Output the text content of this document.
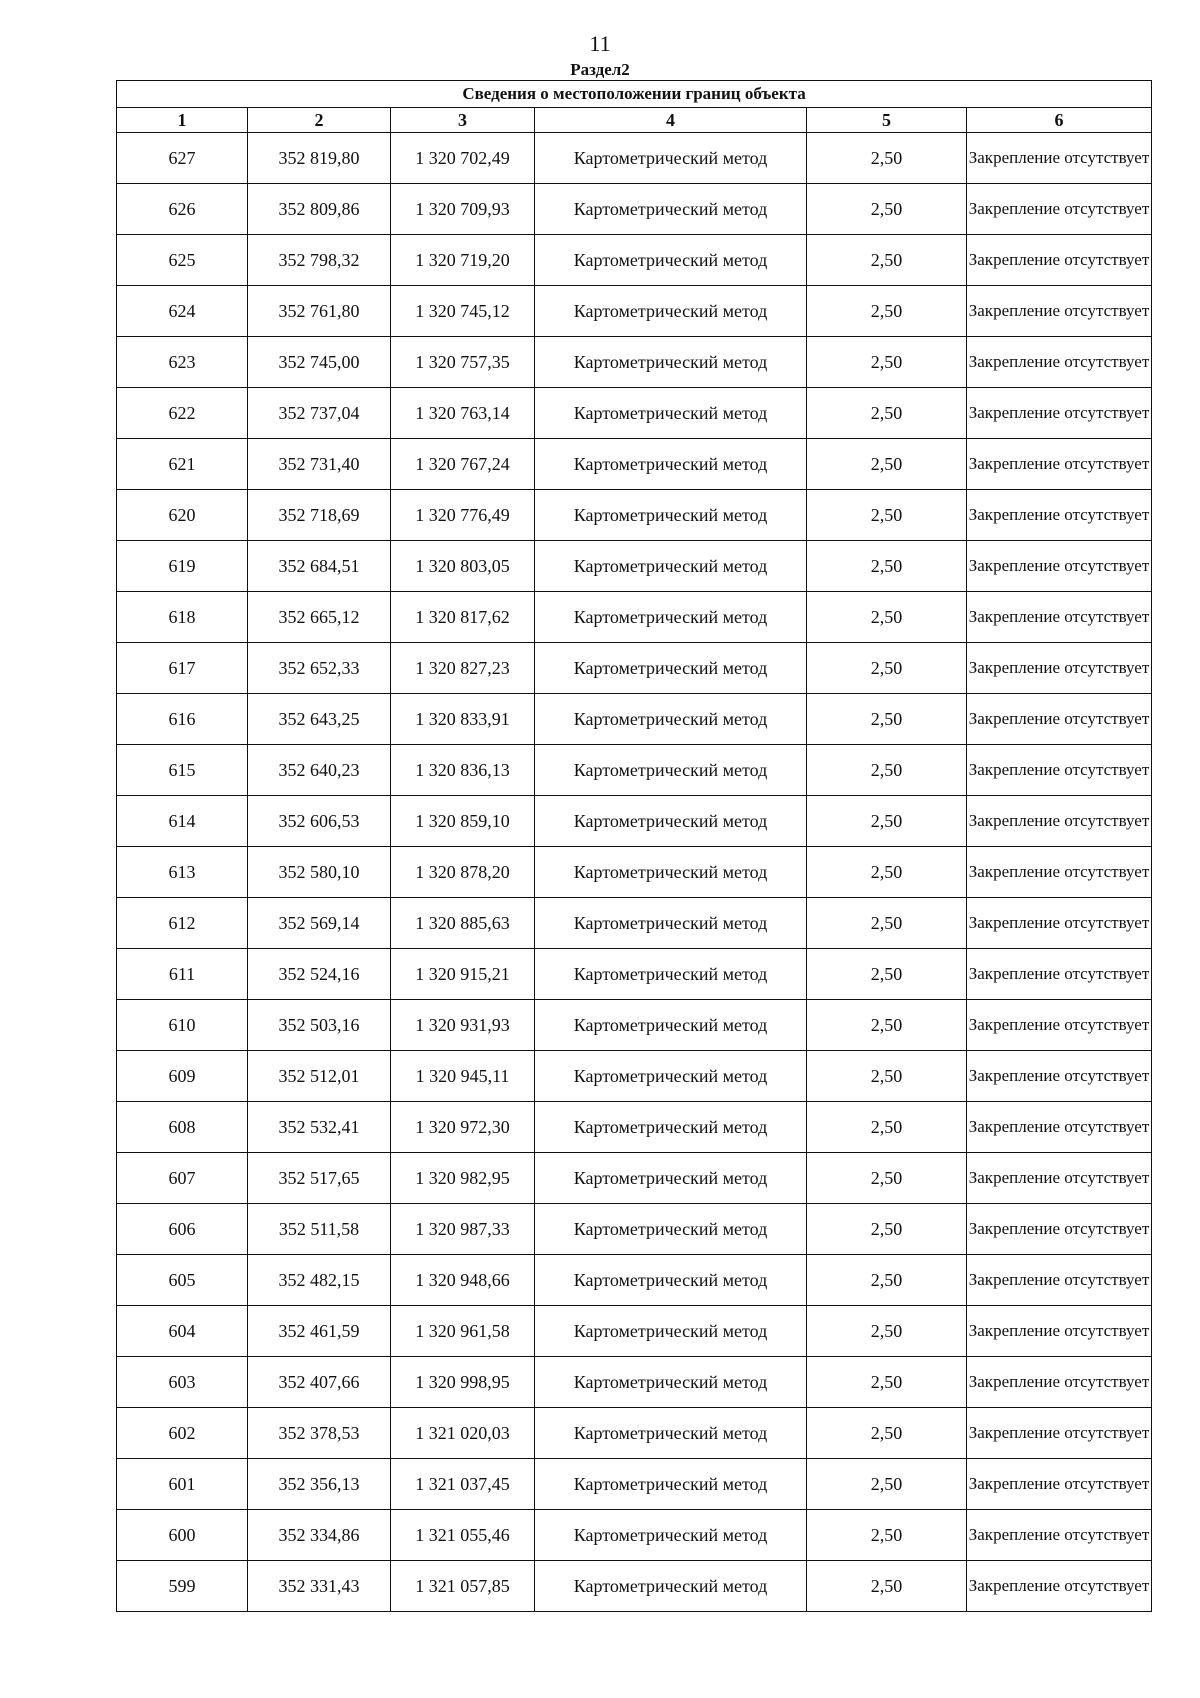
11
Раздел2
Сведения о местоположении границ объекта					
1	2	3	4	5	6
627	352 819,80	1 320 702,49	Картометрический метод	2,50	Закрепление отсутствует
626	352 809,86	1 320 709,93	Картометрический метод	2,50	Закрепление отсутствует
625	352 798,32	1 320 719,20	Картометрический метод	2,50	Закрепление отсутствует
624	352 761,80	1 320 745,12	Картометрический метод	2,50	Закрепление отсутствует
623	352 745,00	1 320 757,35	Картометрический метод	2,50	Закрепление отсутствует
622	352 737,04	1 320 763,14	Картометрический метод	2,50	Закрепление отсутствует
621	352 731,40	1 320 767,24	Картометрический метод	2,50	Закрепление отсутствует
620	352 718,69	1 320 776,49	Картометрический метод	2,50	Закрепление отсутствует
619	352 684,51	1 320 803,05	Картометрический метод	2,50	Закрепление отсутствует
618	352 665,12	1 320 817,62	Картометрический метод	2,50	Закрепление отсутствует
617	352 652,33	1 320 827,23	Картометрический метод	2,50	Закрепление отсутствует
616	352 643,25	1 320 833,91	Картометрический метод	2,50	Закрепление отсутствует
615	352 640,23	1 320 836,13	Картометрический метод	2,50	Закрепление отсутствует
614	352 606,53	1 320 859,10	Картометрический метод	2,50	Закрепление отсутствует
613	352 580,10	1 320 878,20	Картометрический метод	2,50	Закрепление отсутствует
612	352 569,14	1 320 885,63	Картометрический метод	2,50	Закрепление отсутствует
611	352 524,16	1 320 915,21	Картометрический метод	2,50	Закрепление отсутствует
610	352 503,16	1 320 931,93	Картометрический метод	2,50	Закрепление отсутствует
609	352 512,01	1 320 945,11	Картометрический метод	2,50	Закрепление отсутствует
608	352 532,41	1 320 972,30	Картометрический метод	2,50	Закрепление отсутствует
607	352 517,65	1 320 982,95	Картометрический метод	2,50	Закрепление отсутствует
606	352 511,58	1 320 987,33	Картометрический метод	2,50	Закрепление отсутствует
605	352 482,15	1 320 948,66	Картометрический метод	2,50	Закрепление отсутствует
604	352 461,59	1 320 961,58	Картометрический метод	2,50	Закрепление отсутствует
603	352 407,66	1 320 998,95	Картометрический метод	2,50	Закрепление отсутствует
602	352 378,53	1 321 020,03	Картометрический метод	2,50	Закрепление отсутствует
601	352 356,13	1 321 037,45	Картометрический метод	2,50	Закрепление отсутствует
600	352 334,86	1 321 055,46	Картометрический метод	2,50	Закрепление отсутствует
599	352 331,43	1 321 057,85	Картометрический метод	2,50	Закрепление отсутствует
